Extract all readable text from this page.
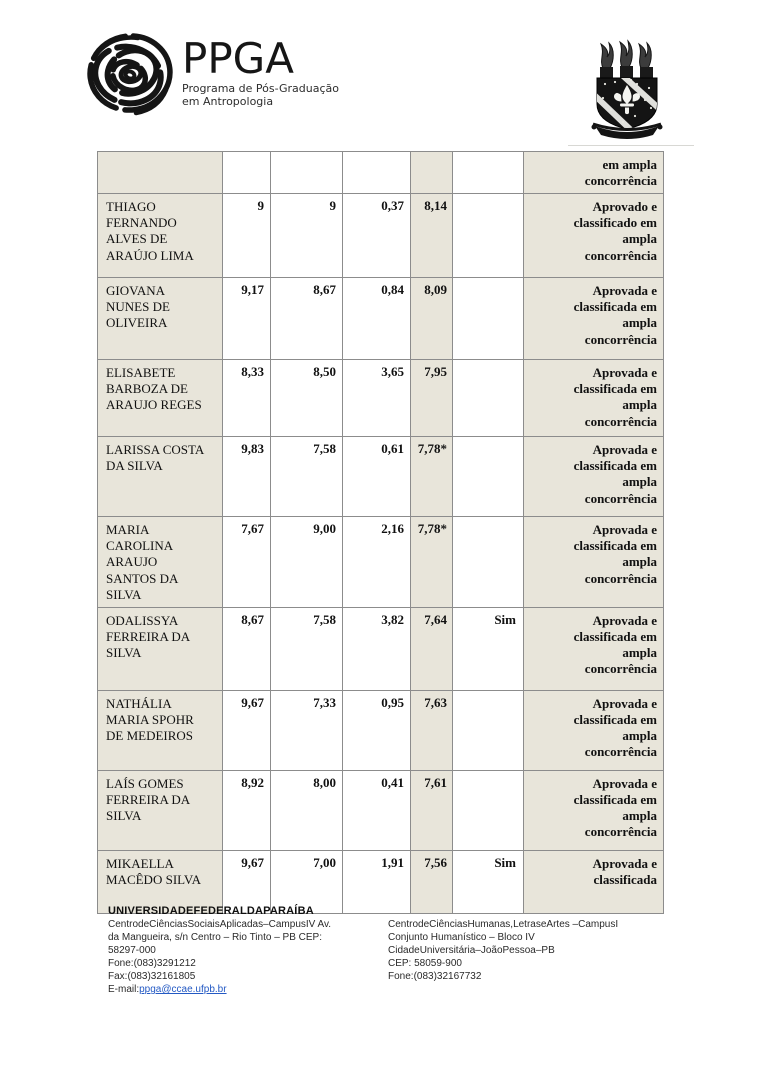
PPGA
Programa de Pós-Graduação
em Antropologia
						em ampla concorrência
THIAGO FERNANDO ALVES DE ARAÚJO LIMA	9	9	0,37	8,14		Aprovado e classificado em ampla concorrência
GIOVANA NUNES DE OLIVEIRA	9,17	8,67	0,84	8,09		Aprovada e classificada em ampla concorrência
ELISABETE BARBOZA DE ARAUJO REGES	8,33	8,50	3,65	7,95		Aprovada e classificada em ampla concorrência
LARISSA COSTA DA SILVA	9,83	7,58	0,61	7,78*		Aprovada e classificada em ampla concorrência
MARIA CAROLINA ARAUJO SANTOS DA SILVA	7,67	9,00	2,16	7,78*		Aprovada e classificada em ampla concorrência
ODALISSYA FERREIRA DA SILVA	8,67	7,58	3,82	7,64	Sim	Aprovada e classificada em ampla concorrência
NATHÁLIA MARIA SPOHR DE MEDEIROS	9,67	7,33	0,95	7,63		Aprovada e classificada em ampla concorrência
LAÍS GOMES FERREIRA DA SILVA	8,92	8,00	0,41	7,61		Aprovada e classificada em ampla concorrência
MIKAELLA MACÊDO SILVA	9,67	7,00	1,91	7,56	Sim	Aprovada e classificada
UNIVERSIDADEFEDERALDAPARAÍBA
CentrodeCiênciasSociaisAplicadas–CampusIV Av.
da Mangueira, s/n Centro – Rio Tinto – PB CEP:
58297-000
Fone:(083)3291212
Fax:(083)32161805
E-mail:ppga@ccae.ufpb.br
CentrodeCiênciasHumanas,LetraseArtes –CampusI
Conjunto Humanístico – Bloco IV
CidadeUniversitária–JoãoPessoa–PB
CEP: 58059-900
Fone:(083)32167732
